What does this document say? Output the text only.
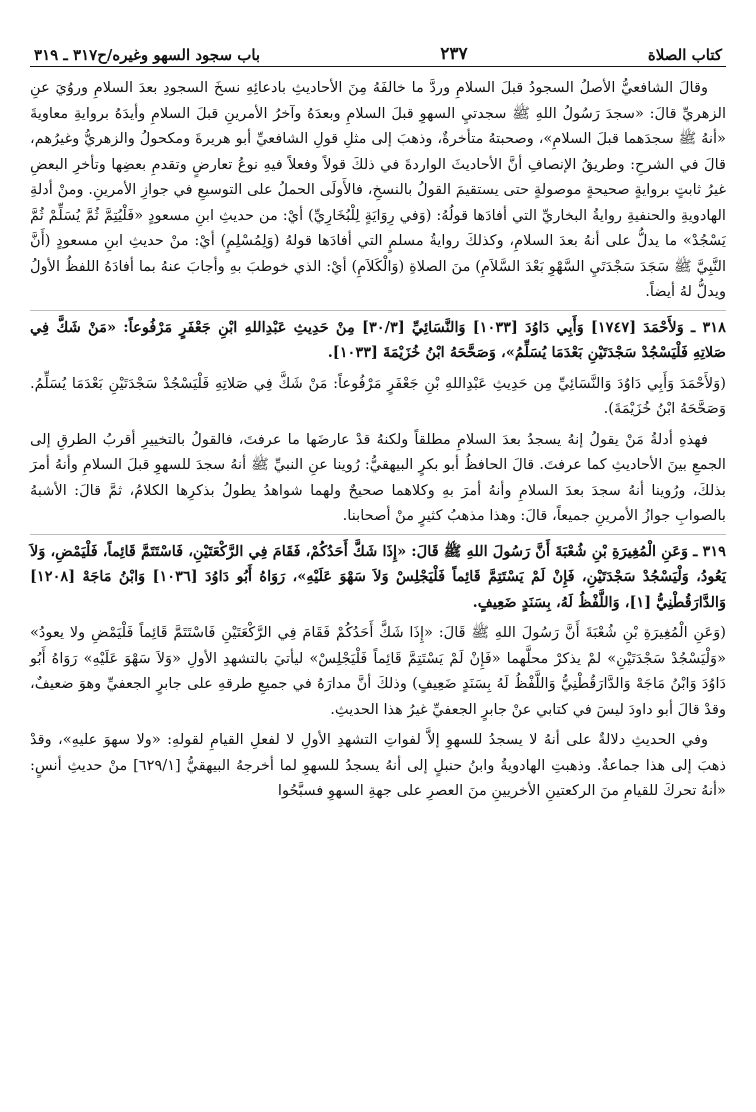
كتاب الصلاة
٢٣٧
باب سجود السهو وغيره/ح٣١٧ ـ ٣١٩

وقالَ الشافعيُّ الأصلُ السجودُ قبلَ السلامِ وردَّ ما خالفَهُ مِنَ الأحاديثِ بادعائِهِ نسخَ السجودِ بعدَ السلامِ وروُيَ عنِ الزهريِّ قالَ: «سجدَ رَسُولُ اللهِ ﷺ سجدتيِ السهوِ قبلَ السلامِ وبعدَهُ وآخرُ الأمرينِ قبلَ السلامِ وأيدَهُ بروايةِ معاويةَ «أنهُ ﷺ سجدَهما قبلَ السلامِ»، وصحبتهُ متأخرةٌ، وذهبَ إلى مثلِ قولِ الشافعيِّ أبو هريرةَ ومكحولُ والزهريُّ وغيرُهم، قالَ في الشرحِ: وطريقُ الإنصافِ أنَّ الأحاديثَ الواردةَ في ذلكَ قولاً وفعلاً فيهِ نوعُ تعارضٍ وتقدمِ بعضِها وتأخرِ البعضِ غيرُ ثابتٍ بروايةٍ صحيحةٍ موصولةٍ حتى يستقيمَ القولُ بالنسخِ، فالأَولَى الحملُ على التوسيعِ في جوازِ الأمرينِ. ومنْ أدلةِ الهادويةِ والحنفيةِ روايةُ البخاريِّ التي أفادَها قولُهُ: (وَفي رِوَايَةٍ لِلْبُخَارِيِّ) أيْ: من حديثِ ابنِ مسعودٍ «فَلْيُتِمَّ ثُمَّ يُسَلِّمْ ثُمَّ يَسْجُدْ» ما يدلُّ على أنهُ بعدَ السلامِ، وكذلكَ روايةُ مسلمٍ التي أفادَها قولهُ (وَلِمُسْلِمٍ) أيْ: منْ حديثِ ابنِ مسعودٍ (أَنَّ النَّبِيَّ ﷺ سَجَدَ سَجْدَتَيِ السَّهْوِ بَعْدَ السَّلاَمِ) منَ الصلاةِ (وَالْكَلاَمِ) أيْ: الذي خوطبَ بهِ وأجابَ عنهُ بما أفادَهُ اللفظُ الأولُ ويدلُّ لهُ أيضاً.

٣١٨ ـ وَلأَحْمَدَ [١٧٤٧] وَأَبِي دَاوُدَ [١٠٣٣] وَالنَّسَائِيِّ [٣٠/٣] مِنْ حَدِيثِ عَبْدِاللهِ ابْنِ جَعْفَرٍ مَرْفُوعاً: «مَنْ شَكَّ فِي صَلاتِهِ فَلْيَسْجُدْ سَجْدَتَيْنِ بَعْدَمَا يُسَلِّمُ»، وَصَحَّحَهُ ابْنُ خُزَيْمَةَ [١٠٣٣].

(وَلأَحْمَدَ وَأَبِي دَاوُدَ وَالنَّسَائِيِّ مِن حَدِيثِ عَبْدِاللهِ بْنِ جَعْفَرٍ مَرْفُوعاً: مَنْ شَكَّ فِي صَلاتِهِ فَلْيَسْجُدْ سَجْدَتَيْنِ بَعْدَمَا يُسَلِّمُ. وَصَحَّحَهُ ابْنُ خُزَيْمَةَ).

فهذهِ أدلةُ مَنْ يقولُ إنهُ يسجدُ بعدَ السلامِ مطلقاً ولكنهُ قدْ عارضَها ما عرفتَ، فالقولُ بالتخييرِ أقربُ الطرقِ إلى الجمعِ بينَ الأحاديثِ كما عرفتَ. قالَ الحافظُ أبو بكرٍ البيهقيُّ: رُوينا عنِ النبيِّ ﷺ أنهُ سجدَ للسهوِ قبلَ السلامِ وأنهُ أمرَ بذلكَ، ورُوينا أنهُ سجدَ بعدَ السلامِ وأنهُ أمرَ بهِ وكلاهما صحيحٌ ولهما شواهدُ يطولُ بذكرِها الكلامُ، ثمَّ قالَ: الأشبهُ بالصوابِ جوازُ الأمرينِ جميعاً، قالَ: وهذا مذهبُ كثيرٍ منْ أصحابنا.

٣١٩ ـ وَعَنِ الْمُغِيرَةِ بْنِ شُعْبَةَ أَنَّ رَسُولَ اللهِ ﷺ قَالَ: «إِذَا شَكَّ أَحَدُكُمْ، فَقَامَ فِي الرَّكْعَتَيْنِ، فَاسْتَتَمَّ قَائِماً، فَلْيَمْضِ، وَلاَ يَعُودُ، وَلْيَسْجُدْ سَجْدَتَيْنِ، فَإِنْ لَمْ يَسْتَتِمَّ قَائِماً فَلْيَجْلِسْ وَلاَ سَهْوَ عَلَيْهِ»، رَوَاهُ أَبُو دَاوُدَ [١٠٣٦] وَابْنُ مَاجَهْ [١٢٠٨] وَالدَّارَقُطْنِيُّ [١]، وَاللَّفْظُ لَهُ، بِسَنَدٍ ضَعِيفٍ.

(وَعَنِ الْمُغِيرَةِ بْنِ شُعْبَةَ أَنَّ رَسُولَ اللهِ ﷺ قَالَ: «إِذَا شَكَّ أَحَدُكُمْ فَقَامَ فِي الرَّكْعَتَيْنِ فَاسْتَتَمَّ قَائِماً فَلْيَمْضِ ولا يعودُ» «وَلْيَسْجُدْ سَجْدَتَيْنِ» لمْ يذكرْ محلَّهما «فَإِنْ لَمْ يَسْتَتِمَّ قَائِماً فَلْيَجْلِسْ» ليأتيَ بالتشهدِ الأولِ «وَلاَ سَهْوَ عَلَيْهِ» رَوَاهُ أَبُو دَاوُدَ وَابْنُ مَاجَهْ وَالدَّارَقُطْنِيُّ وَاللَّفْظُ لَهُ بِسَنَدٍ ضَعِيفٍ) وذلكَ أنَّ مدارَهُ في جميعِ طرقهِ على جابرٍ الجعفيِّ وهوَ ضعيفٌ، وقدْ قالَ أبو داودَ ليسَ في كتابي عنْ جابرٍ الجعفيِّ غيرُ هذا الحديثِ.

وفي الحديثِ دلالةٌ على أنهُ لا يسجدُ للسهوِ إلاَّ لفواتِ التشهدِ الأولِ لا لفعلِ القيامِ لقولهِ: «ولا سهوَ عليهِ»، وقدْ ذهبَ إلى هذا جماعةٌ. وذهبتِ الهادويةُ وابنُ حنبلٍ إلى أنهُ يسجدُ للسهوِ لما أخرجهُ البيهقيُّ [٦٢٩/١] منْ حديثِ أنسٍ: «أنهُ تحركَ للقيامِ منَ الركعتينِ الأخريينِ منَ العصرِ على جهةِ السهوِ فسبَّحُوا
